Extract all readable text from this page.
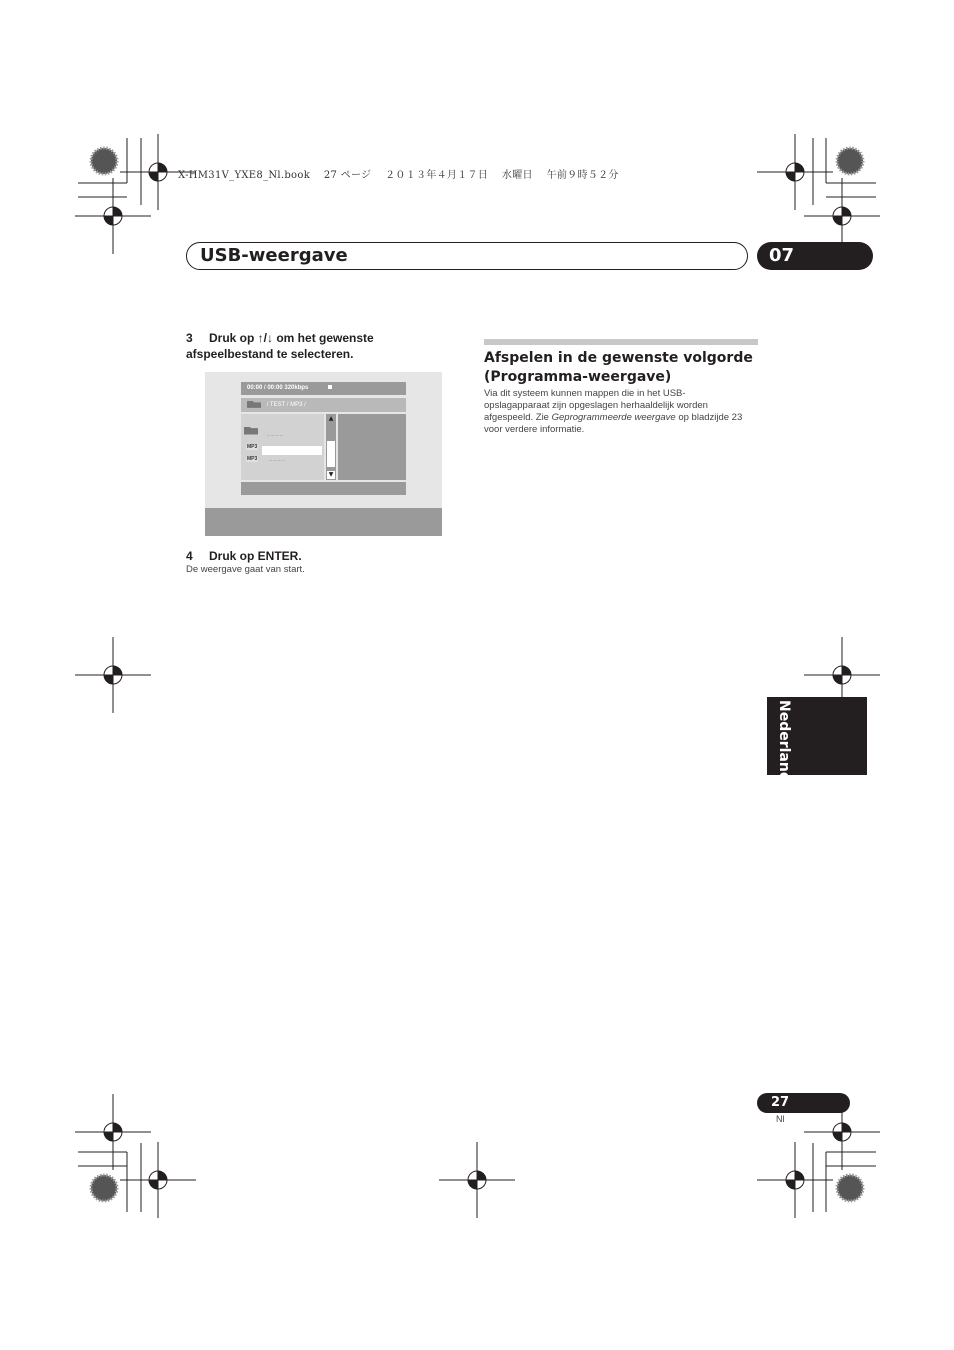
X-HM31V_YXE8_Nl.book　 27 ページ　 ２０１３年４月１７日　 水曜日　 午前９時５２分
USB-weergave	07
3 Druk op ↑/↓ om het gewenste
afspeelbestand te selecteren.
00:00 / 00:00 320kbps
/ TEST / MP3 /
_ _ _ _
MP3
MP3 _ _ _ _
▲
▼
4 Druk op ENTER.
De weergave gaat van start.
Afspelen in de gewenste volgorde
(Programma-weergave)
Via dit systeem kunnen mappen die in het USB-
opslagapparaat zijn opgeslagen herhaaldelijk worden
afgespeeld. Zie Geprogrammeerde weergave op bladzijde 23
voor verdere informatie.
Nederlands
27
Nl
